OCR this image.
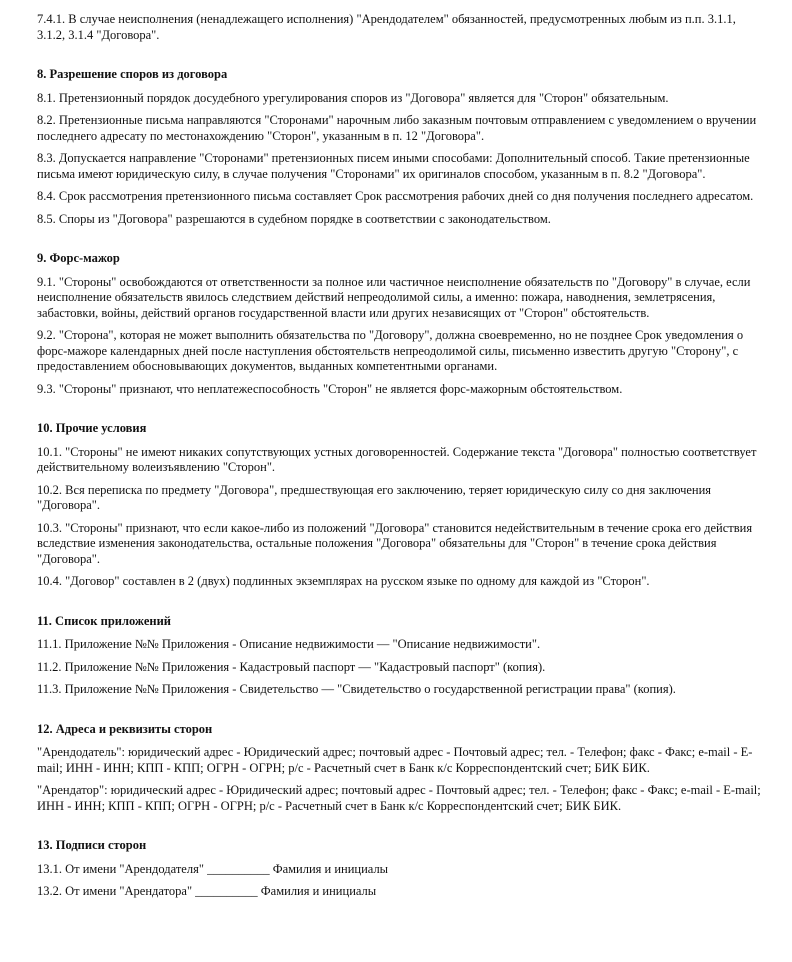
7.4.1. В случае неисполнения (ненадлежащего исполнения) "Арендодателем" обязанностей, предусмотренных любым из п.п. 3.1.1, 3.1.2, 3.1.4 "Договора".

8. Разрешение споров из договора

8.1. Претензионный порядок досудебного урегулирования споров из "Договора" является для "Сторон" обязательным.

8.2. Претензионные письма направляются "Сторонами" нарочным либо заказным почтовым отправлением с уведомлением о вручении последнего адресату по местонахождению "Сторон", указанным в п. 12 "Договора".

8.3. Допускается направление "Сторонами" претензионных писем иными способами: Дополнительный способ. Такие претензионные письма имеют юридическую силу, в случае получения "Сторонами" их оригиналов способом, указанным в п. 8.2 "Договора".

8.4. Срок рассмотрения претензионного письма составляет Срок рассмотрения рабочих дней со дня получения последнего адресатом.

8.5. Споры из "Договора" разрешаются в судебном порядке в соответствии с законодательством.

9. Форс-мажор

9.1. "Стороны" освобождаются от ответственности за полное или частичное неисполнение обязательств по "Договору" в случае, если неисполнение обязательств явилось следствием действий непреодолимой силы, а именно: пожара, наводнения, землетрясения, забастовки, войны, действий органов государственной власти или других независящих от "Сторон" обстоятельств.

9.2. "Сторона", которая не может выполнить обязательства по "Договору", должна своевременно, но не позднее Срок уведомления о форс-мажоре календарных дней после наступления обстоятельств непреодолимой силы, письменно известить другую "Сторону", с предоставлением обосновывающих документов, выданных компетентными органами.

9.3. "Стороны" признают, что неплатежеспособность "Сторон" не является форс-мажорным обстоятельством.

10. Прочие условия

10.1. "Стороны" не имеют никаких сопутствующих устных договоренностей. Содержание текста "Договора" полностью соответствует действительному волеизъявлению "Сторон".

10.2. Вся переписка по предмету "Договора", предшествующая его заключению, теряет юридическую силу со дня заключения "Договора".

10.3. "Стороны" признают, что если какое-либо из положений "Договора" становится недействительным в течение срока его действия вследствие изменения законодательства, остальные положения "Договора" обязательны для "Сторон" в течение срока действия "Договора".

10.4. "Договор" составлен в 2 (двух) подлинных экземплярах на русском языке по одному для каждой из "Сторон".

11. Список приложений

11.1. Приложение №№ Приложения - Описание недвижимости — "Описание недвижимости".

11.2. Приложение №№ Приложения - Кадастровый паспорт — "Кадастровый паспорт" (копия).

11.3. Приложение №№ Приложения - Свидетельство — "Свидетельство о государственной регистрации права" (копия).

12. Адреса и реквизиты сторон

"Арендодатель": юридический адрес - Юридический адрес; почтовый адрес - Почтовый адрес; тел. - Телефон; факс - Факс; e-mail - E-mail; ИНН - ИНН; КПП - КПП; ОГРН - ОГРН; р/с - Расчетный счет в Банк к/с Корреспондентский счет; БИК БИК.

"Арендатор": юридический адрес - Юридический адрес; почтовый адрес - Почтовый адрес; тел. - Телефон; факс - Факс; e-mail - E-mail; ИНН - ИНН; КПП - КПП; ОГРН - ОГРН; р/с - Расчетный счет в Банк к/с Корреспондентский счет; БИК БИК.

13. Подписи сторон

13.1. От имени "Арендодателя" __________ Фамилия и инициалы

13.2. От имени "Арендатора" __________ Фамилия и инициалы
